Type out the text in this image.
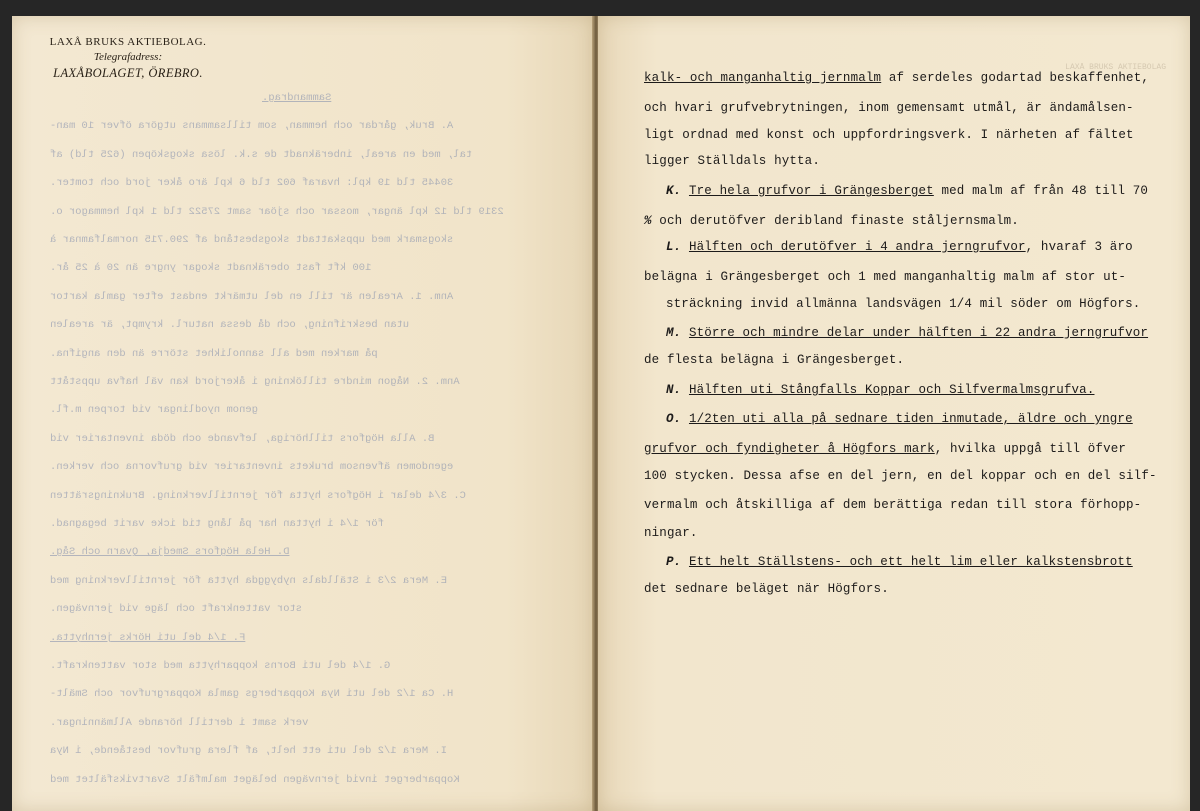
LAXÅ BRUKS AKTIEBOLAG.
Telegrafadress:
LAXÅBOLAGET, ÖREBRO.	LAXÅ BRUKS AKTIEBOLAG
Sammandrag.
A. Bruk, gårdar och hemman, som tillsammans utgöra öfver 10 man-
tal, med en areal, inberäknadt de s.k. lösa skogsköpen (625 tld) af
30445 tld 19 kpl: hvaraf 602 tld 6 kpl äro åker jord och tomter.
2319 tld 12 kpl ängar, mossar och sjöar samt 27522 tld 1 kpl hemmagor o.
skogsmark med uppskattadt skogsbestånd af 290.715 normalfamnar à
100 kft fast oberäknadt skogar yngre än 20 à 25 år.
Anm. 1. Arealen är till en del utmärkt endast efter gamla kartor
utan beskrifning, och då dessa naturl. krympt, är arealen
på marken med all sannolikhet större än den angifna.
Anm. 2. Någon mindre tillökning i åkerjord kan väl hafva uppstått
genom nyodlingar vid torpen m.fl.
B. Alla Högfors tillhöriga, lefvande och döda inventarier vid
egendomen äfvensom brukets inventarier vid grufvorna och verken.
C. 3/4 delar i Högfors hytta för jerntillverkning. Brukningsrätten
för 1/4 i hyttan har på lång tid icke varit begagnad.
D. Hela Högfors Smedja, Qvarn och Såg.
E. Mera 2/3 i Ställdals nybyggda hytta för jerntillverkning med
stor vattenkraft och läge vid jernvägen.
F. 1/4 del uti Hörks jernhytta.
G. 1/4 del uti Borns kopparhytta med stor vattenkraft.
H. Ca 1/2 del uti Nya Kopparbergs gamla Koppargrufvor och Smält-
verk samt i dertill hörande Allmänningar.
I. Mera 1/2 del uti ett helt, af flera grufvor bestående, i Nya
Kopparberget invid jernvägen beläget malmfält Svartviksfältet med
kalk- och manganhaltig jernmalm af serdeles godartad beskaffenhet,
och hvari grufvebrytningen, inom gemensamt utmål, är ändamålsen-
ligt ordnad med konst och uppfordringsverk. I närheten af fältet
ligger Ställdals hytta.
K. Tre hela grufvor i Grängesberget med malm af från 48 till 70
% och derutöfver deribland finaste ståljernsmalm.
L. Hälften och derutöfver i 4 andra jerngrufvor, hvaraf 3 äro
belägna i Grängesberget och 1 med manganhaltig malm af stor ut-
sträckning invid allmänna landsvägen 1/4 mil söder om Högfors.
M. Större och mindre delar under hälften i 22 andra jerngrufvor
de flesta belägna i Grängesberget.
N. Hälften uti Stångfalls Koppar och Silfvermalmsgrufva.
O. 1/2ten uti alla på sednare tiden inmutade, äldre och yngre
grufvor och fyndigheter å Högfors mark, hvilka uppgå till öfver
100 stycken. Dessa afse en del jern, en del koppar och en del silf-
vermalm och åtskilliga af dem berättiga redan till stora förhopp-
ningar.
P. Ett helt Ställstens- och ett helt lim eller kalkstensbrott
det sednare beläget när Högfors.
